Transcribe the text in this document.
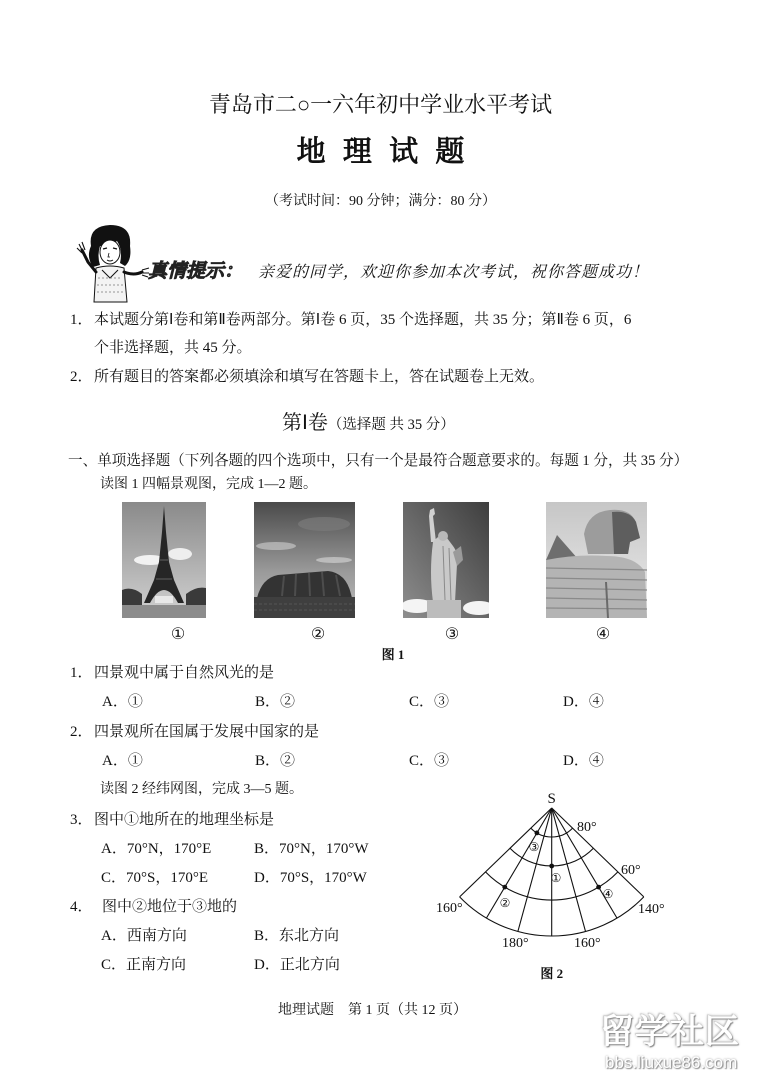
青岛市二○一六年初中学业水平考试
地 理 试 题
（考试时间：90 分钟；满分：80 分）
真情提示： 亲爱的同学，欢迎你参加本次考试，祝你答题成功！
1． 本试题分第Ⅰ卷和第Ⅱ卷两部分。第Ⅰ卷 6 页，35 个选择题，共 35 分；第Ⅱ卷 6 页，6
个非选择题，共 45 分。
2． 所有题目的答案都必须填涂和填写在答题卡上，答在试题卷上无效。
第Ⅰ卷（选择题 共 35 分）
一、单项选择题（下列各题的四个选项中，只有一个是最符合题意要求的。每题 1 分，共 35 分）
读图 1 四幅景观图，完成 1—2 题。
①	②	③	④
图 1
1． 四景观中属于自然风光的是
A．①	B．②	C．③	D．④
2． 四景观所在国属于发展中国家的是
A．①	B．②	C．③	D．④
读图 2 经纬网图，完成 3—5 题。
3． 图中①地所在的地理坐标是
A．70°N，170°E	B．70°N，170°W
C．70°S，170°E	D．70°S，170°W
4． 图中②地位于③地的
A．西南方向	B．东北方向
C．正南方向	D．正北方向
S
80°
60°
160°	140°
180°	160°
①
②
③
④
图 2
地理试题　第 1 页（共 12 页）
留学社区
bbs.liuxue86.com
